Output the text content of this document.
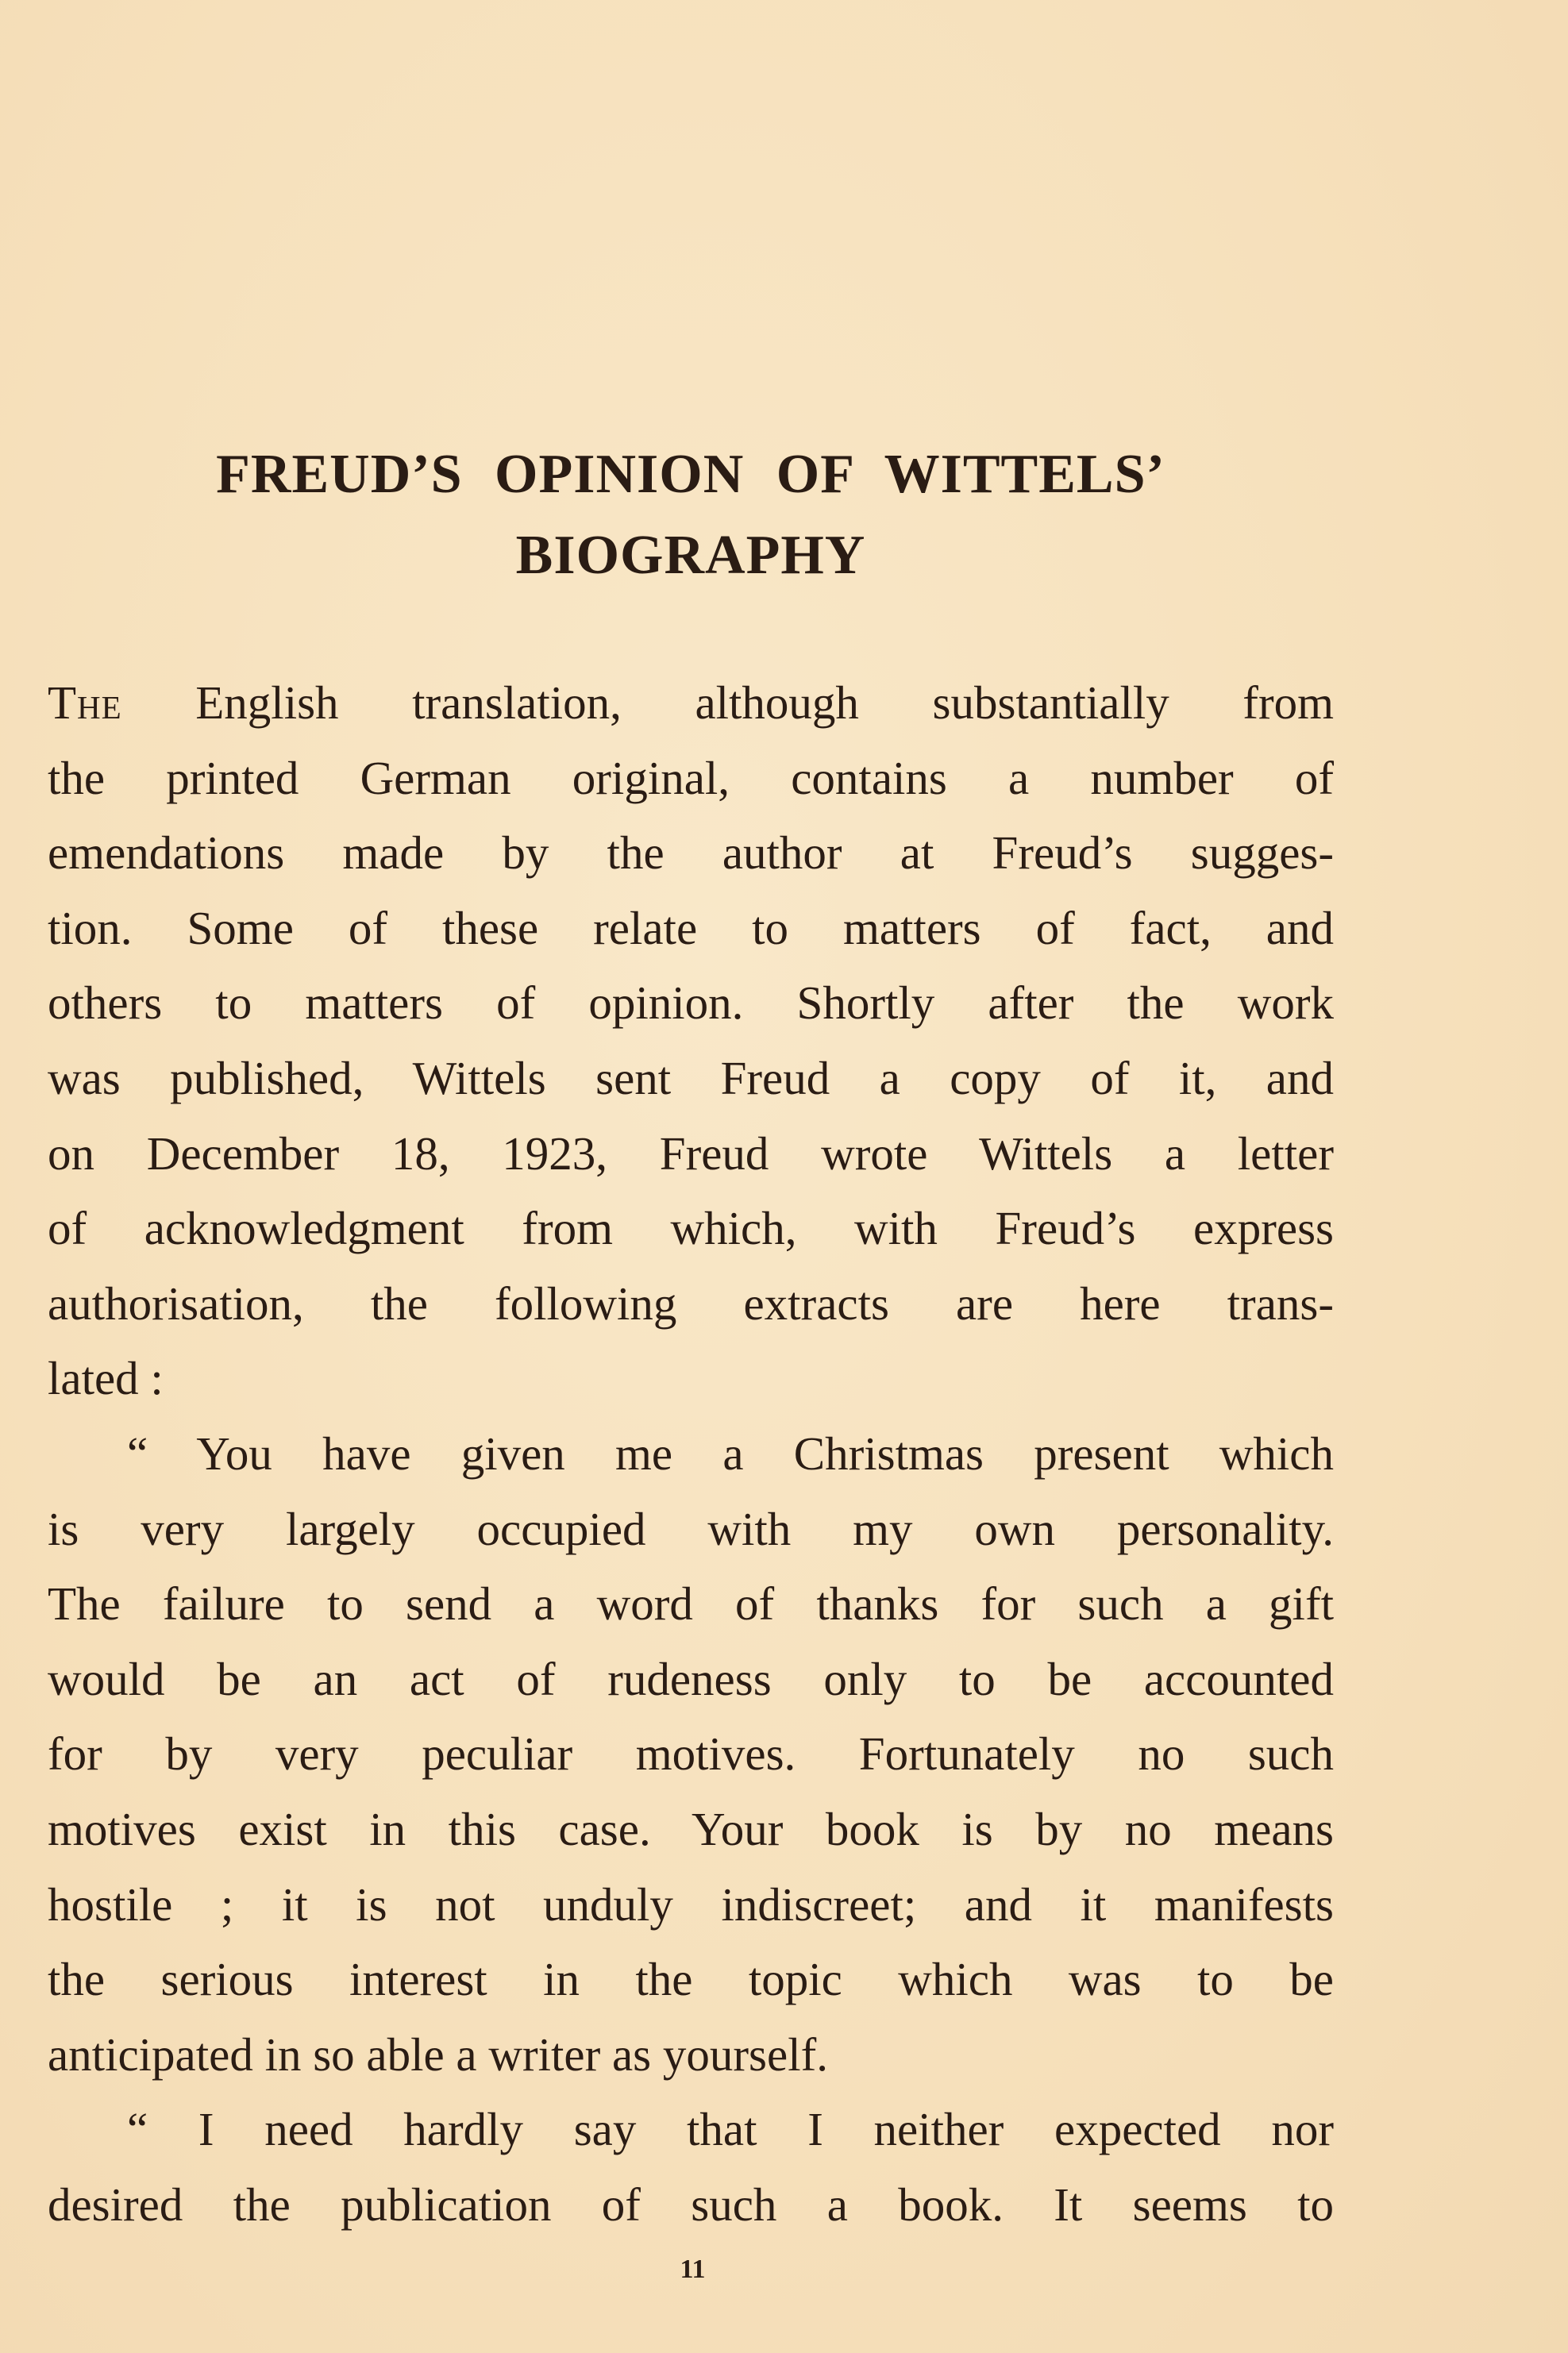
FREUD’S OPINION OF WITTELS’
BIOGRAPHY
The English translation, although substantially from
the printed German original, contains a number of
emendations made by the author at Freud’s sugges-
tion. Some of these relate to matters of fact, and
others to matters of opinion. Shortly after the work
was published, Wittels sent Freud a copy of it, and
on December 18, 1923, Freud wrote Wittels a letter
of acknowledgment from which, with Freud’s express
authorisation, the following extracts are here trans-
lated :
“ You have given me a Christmas present which
is very largely occupied with my own personality.
The failure to send a word of thanks for such a gift
would be an act of rudeness only to be accounted
for by very peculiar motives. Fortunately no such
motives exist in this case. Your book is by no means
hostile ; it is not unduly indiscreet; and it manifests
the serious interest in the topic which was to be
anticipated in so able a writer as yourself.
“ I need hardly say that I neither expected nor
desired the publication of such a book. It seems to
11
